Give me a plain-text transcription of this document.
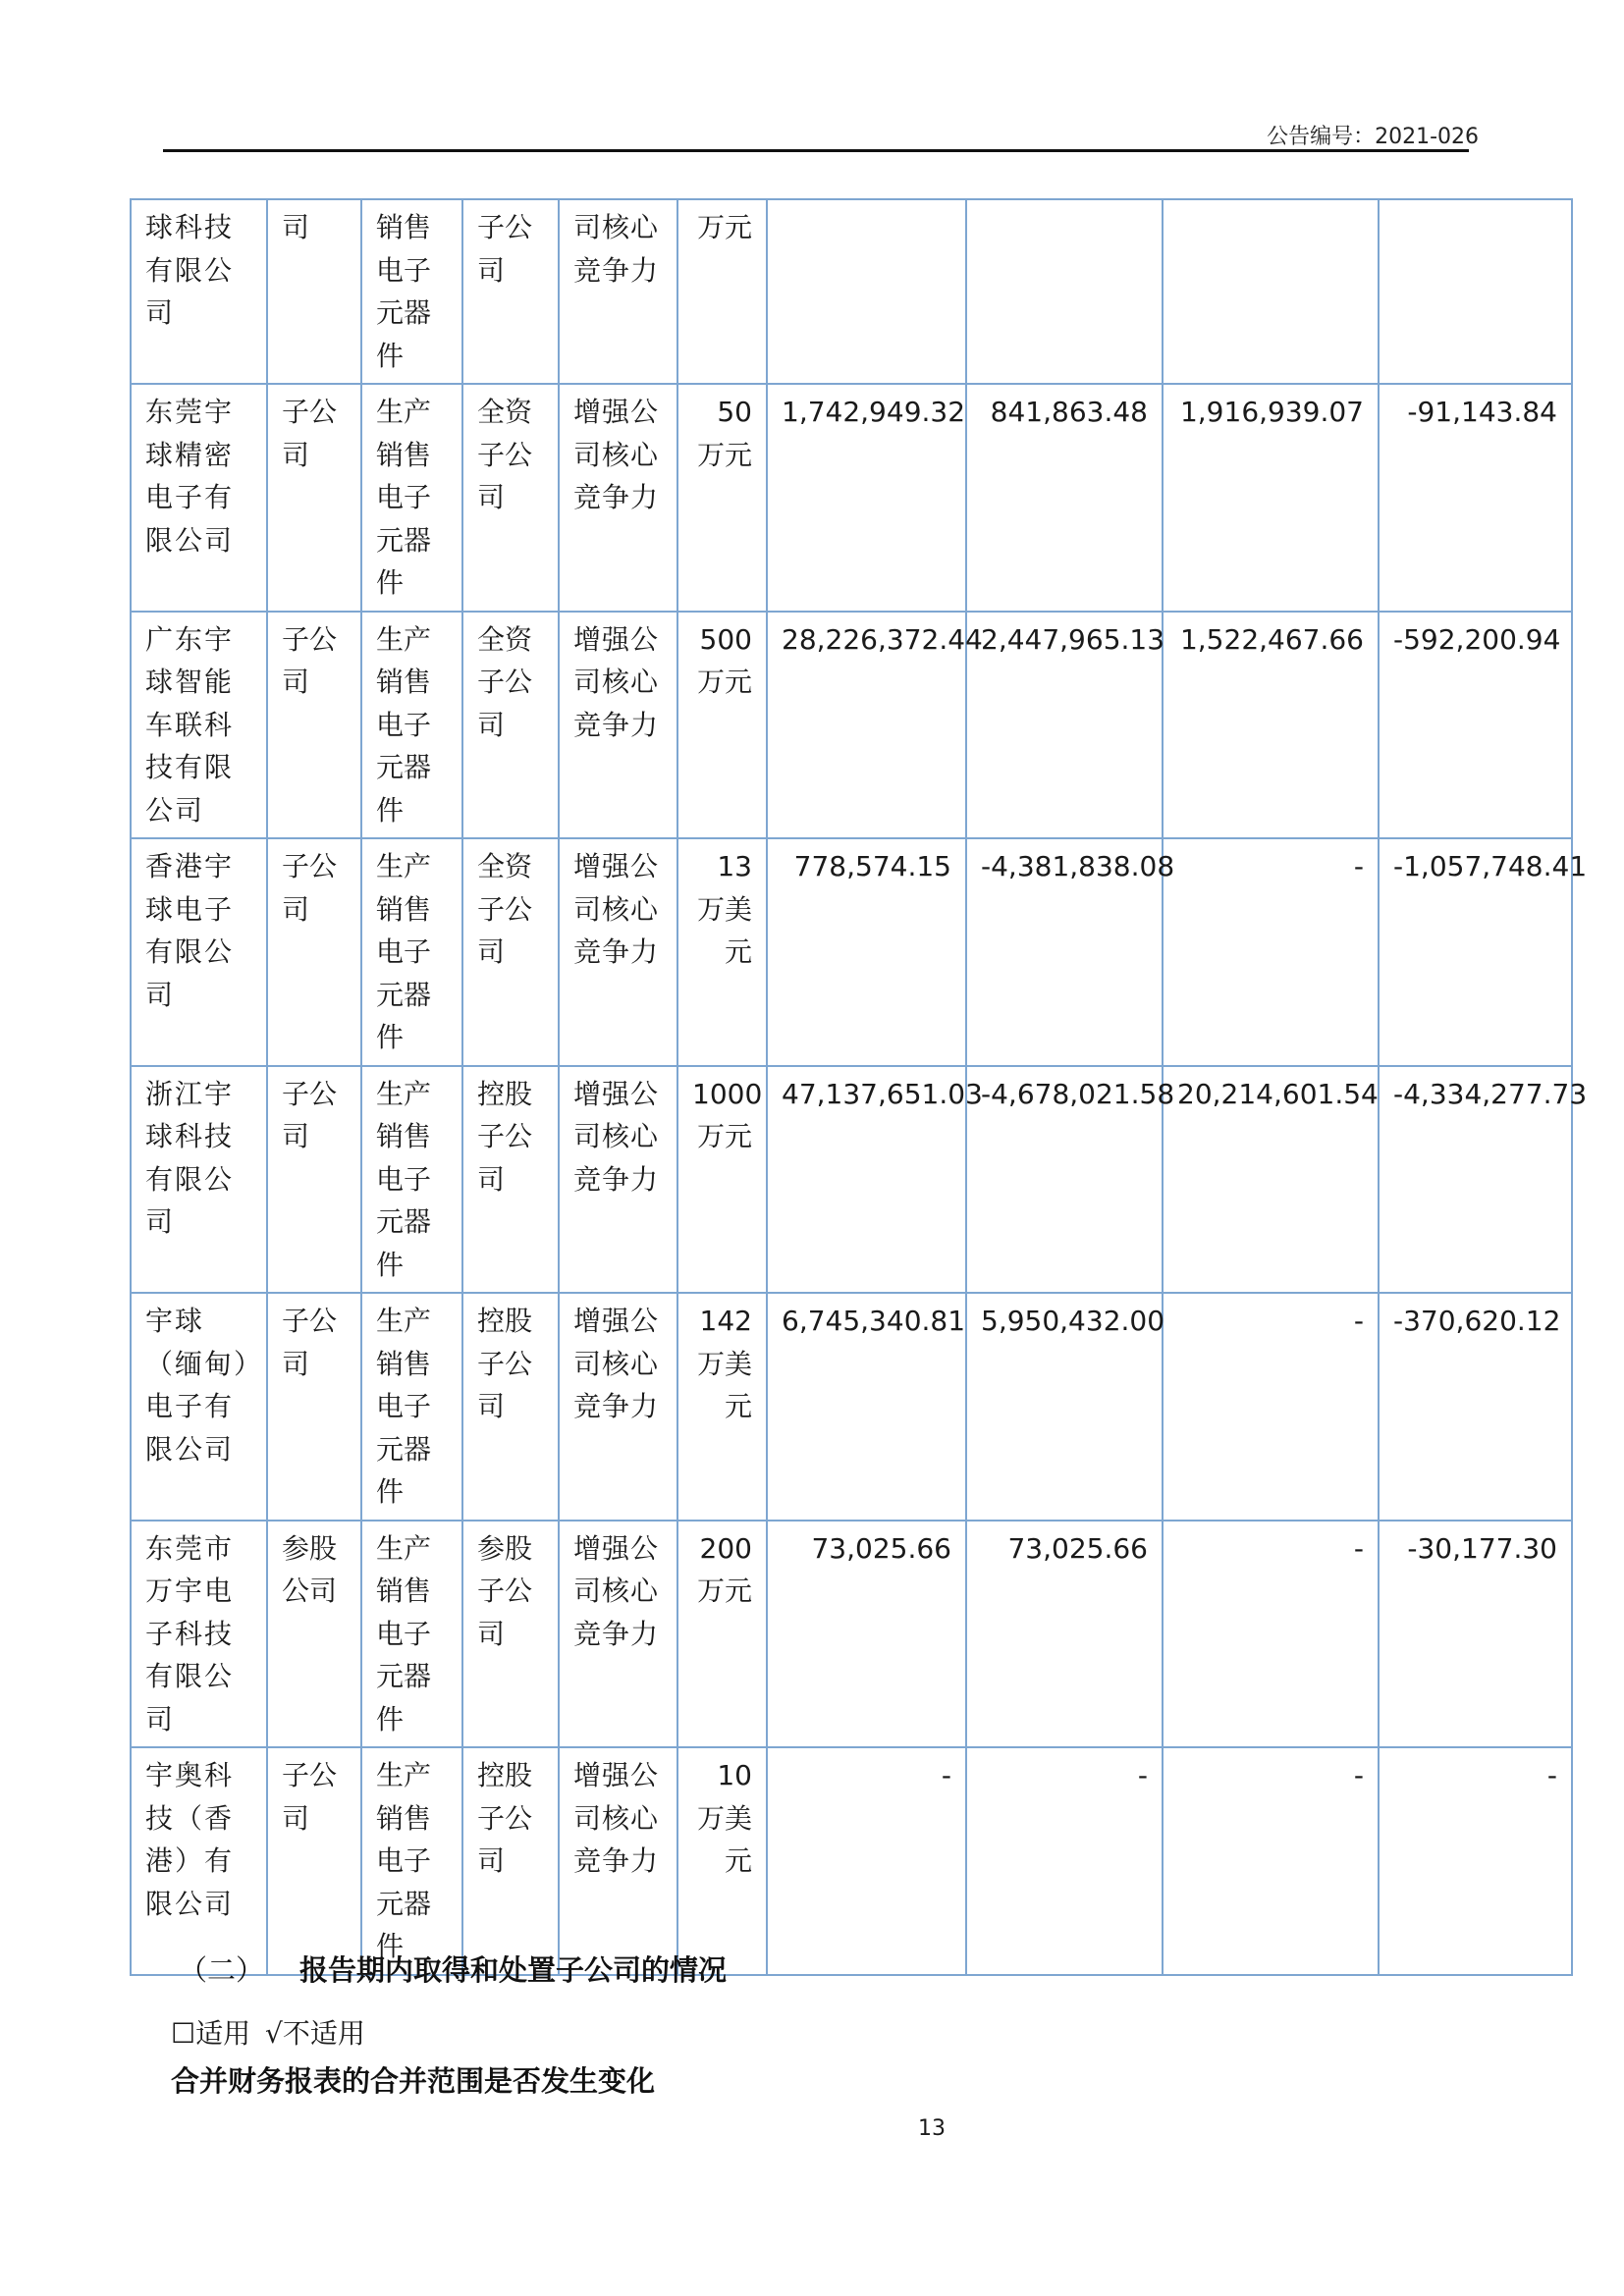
公告编号：2021-026
球科技有限公司	司	销售电子元器件	子公司	司核心竞争力	万元				
东莞宇球精密电子有限公司	子公司	生产销售电子元器件	全资子公司	增强公司核心竞争力	50万元	1,742,949.32	841,863.48	1,916,939.07	-91,143.84
广东宇球智能车联科技有限公司	子公司	生产销售电子元器件	全资子公司	增强公司核心竞争力	500万元	28,226,372.44	2,447,965.13	1,522,467.66	-592,200.94
香港宇球电子有限公司	子公司	生产销售电子元器件	全资子公司	增强公司核心竞争力	13万美元	778,574.15	-4,381,838.08	-	-1,057,748.41
浙江宇球科技有限公司	子公司	生产销售电子元器件	控股子公司	增强公司核心竞争力	1000万元	47,137,651.03	-4,678,021.58	20,214,601.54	-4,334,277.73
宇球（缅甸）电子有限公司	子公司	生产销售电子元器件	控股子公司	增强公司核心竞争力	142万美元	6,745,340.81	5,950,432.00	-	-370,620.12
东莞市万宇电子科技有限公司	参股公司	生产销售电子元器件	参股子公司	增强公司核心竞争力	200万元	73,025.66	73,025.66	-	-30,177.30
宇奥科技（香港）有限公司	子公司	生产销售电子元器件	控股子公司	增强公司核心竞争力	10万美元	-	-	-	-
（二） 报告期内取得和处置子公司的情况
☐适用 √不适用
合并财务报表的合并范围是否发生变化
13
